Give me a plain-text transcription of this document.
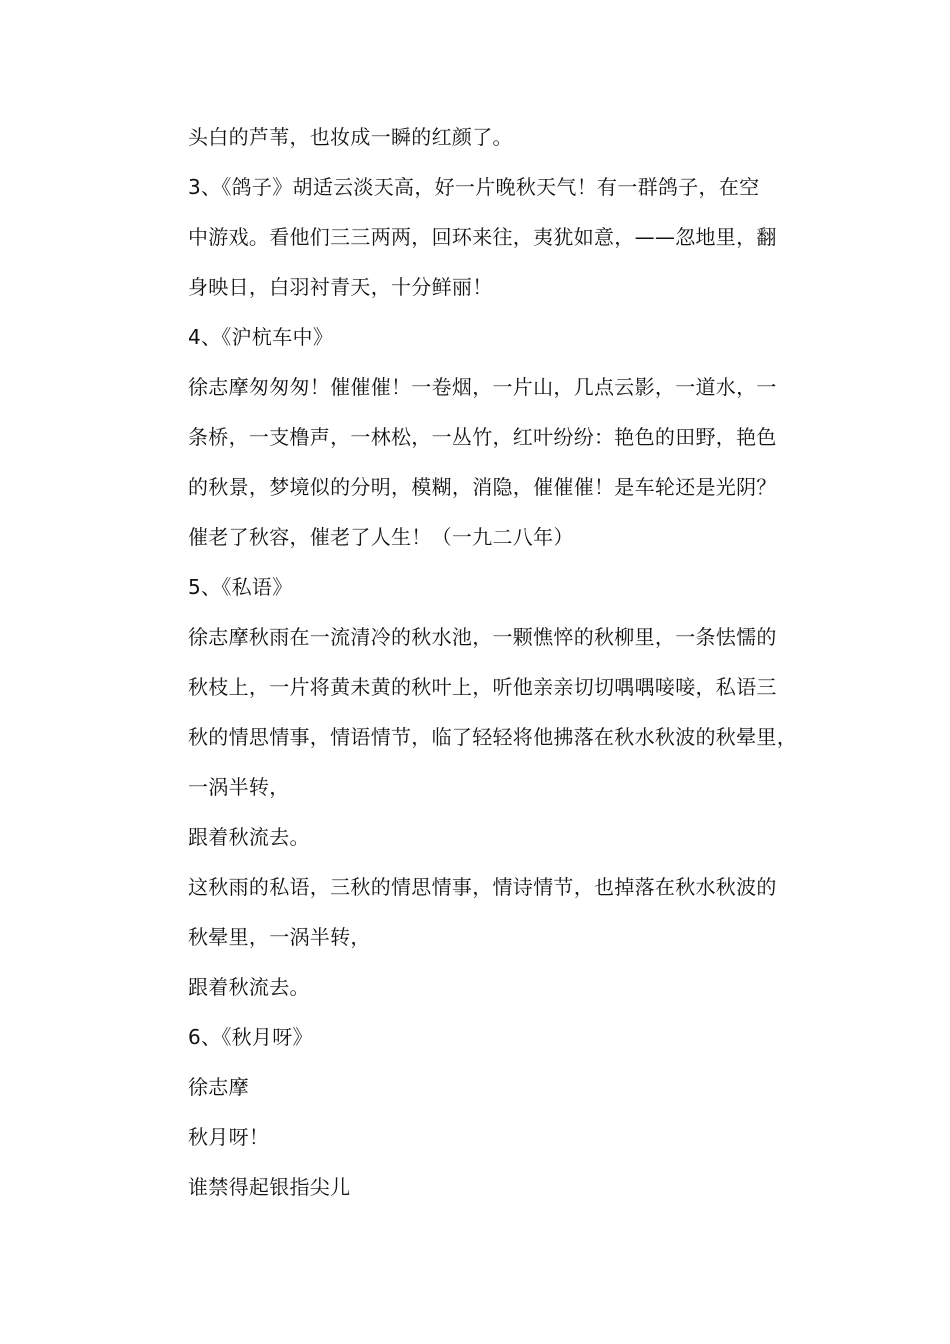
头白的芦苇，也妆成一瞬的红颜了。
3、《鸽子》胡适云淡天高，好一片晚秋天气！有一群鸽子，在空
中游戏。看他们三三两两，回环来往，夷犹如意，——忽地里，翻
身映日，白羽衬青天，十分鲜丽！
4、《沪杭车中》
徐志摩匆匆匆！催催催！一卷烟，一片山，几点云影，一道水，一
条桥，一支橹声，一林松，一丛竹，红叶纷纷：艳色的田野，艳色
的秋景，梦境似的分明，模糊，消隐，催催催！是车轮还是光阴？
催老了秋容，催老了人生！（一九二八年）
5、《私语》
徐志摩秋雨在一流清冷的秋水池，一颗憔悴的秋柳里，一条怯懦的
秋枝上，一片将黄未黄的秋叶上，听他亲亲切切喁喁唼唼，私语三
秋的情思情事，情语情节，临了轻轻将他拂落在秋水秋波的秋晕里，
一涡半转，
跟着秋流去。
这秋雨的私语，三秋的情思情事，情诗情节，也掉落在秋水秋波的
秋晕里，一涡半转，
跟着秋流去。
6、《秋月呀》
徐志摩
秋月呀！
谁禁得起银指尖儿
